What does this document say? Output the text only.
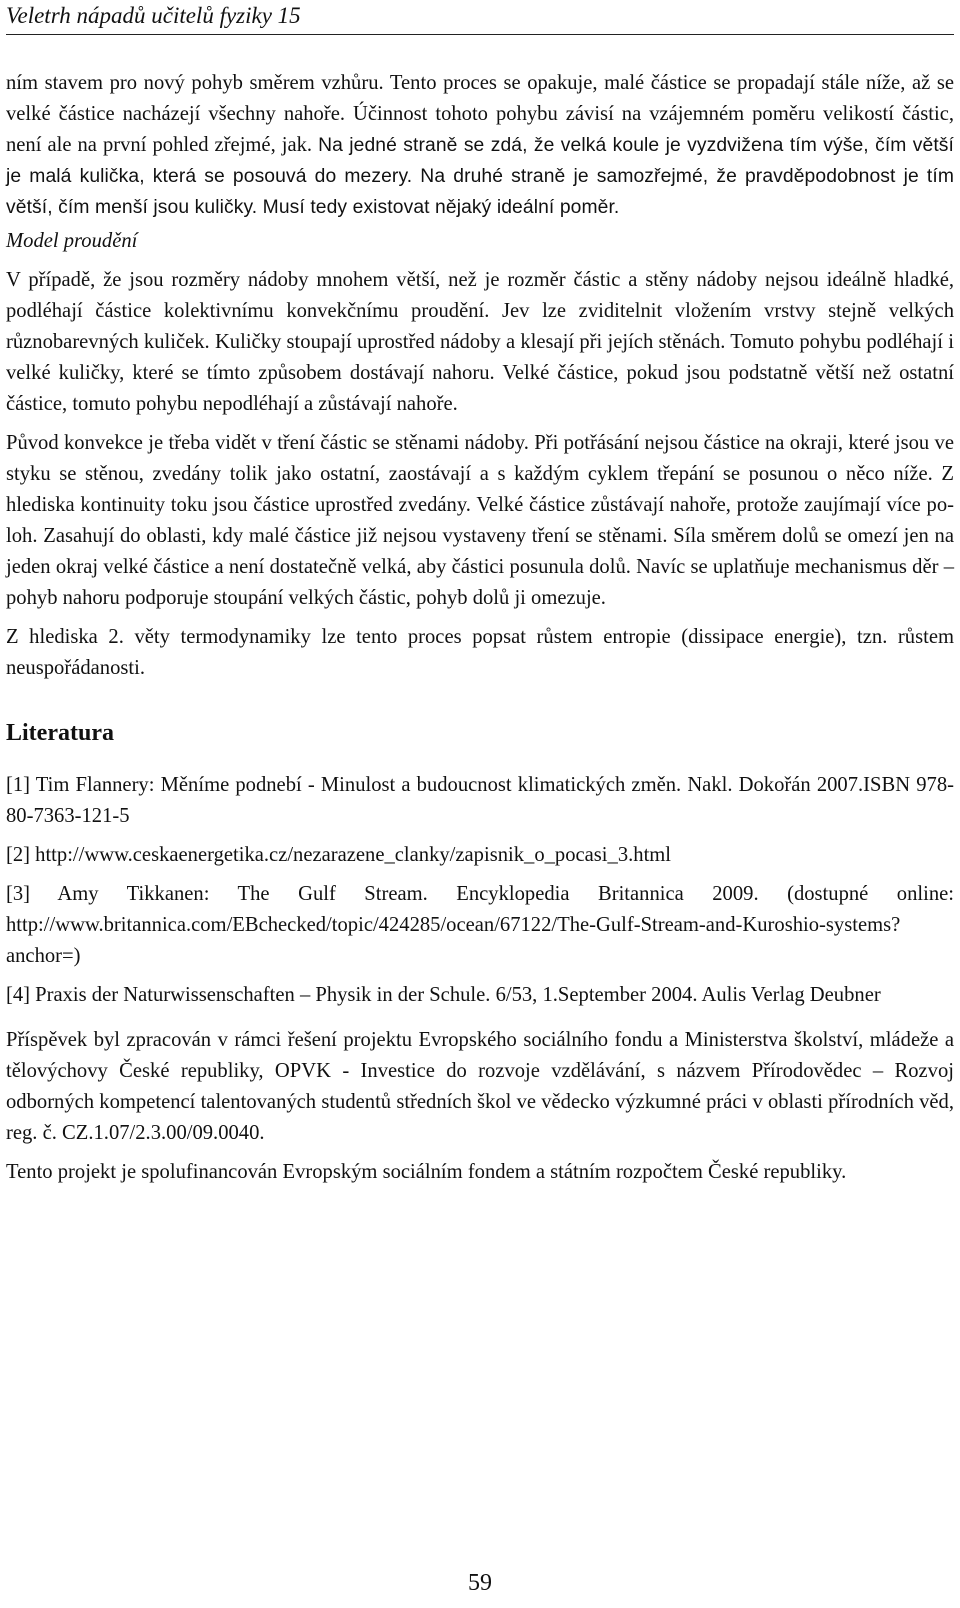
Veletrh nápadů učitelů fyziky 15

ním stavem pro nový pohyb směrem vzhůru. Tento proces se opakuje, malé částice se propadají stále níže, až se velké částice nacházejí všechny nahoře. Účinnost tohoto pohybu závisí na vzájemném poměru velikostí částic, není ale na první pohled zřejmé, jak. Na jedné straně se zdá, že velká koule je vyzdvižena tím výše, čím větší je malá kulička, která se posouvá do mezery. Na druhé straně je samozřejmé, že pravděpodobnost je tím větší, čím menší jsou kuličky. Musí tedy existovat nějaký ideální poměr.

Model proudění

V případě, že jsou rozměry nádoby mnohem větší, než je rozměr částic a stěny nádoby nejsou ideálně hladké, podléhají částice kolektivnímu konvekčnímu proudění. Jev lze zviditelnit vložením vrstvy stejně velkých různobarevných kuliček. Kuličky stoupají uprostřed nádoby a klesají při jejích stěnách. Tomuto pohybu podléhají i velké kuličky, které se tímto způsobem dostávají nahoru. Velké částice, pokud jsou podstatně větší než ostatní částice, tomuto pohybu nepodléhají a zůstávají nahoře.

Původ konvekce je třeba vidět v tření částic se stěnami nádoby. Při potřásání nejsou částice na okraji, které jsou ve styku se stěnou, zvedány tolik jako ostatní, zaostávají a s každým cyklem třepání se posunou o něco níže. Z hlediska kontinuity toku jsou částice uprostřed zvedány. Velké částice zůstávají nahoře, protože zaujímají více poloh. Zasahují do oblasti, kdy malé částice již nejsou vystaveny tření se stěnami. Síla směrem dolů se omezí jen na jeden okraj velké částice a není dostatečně velká, aby částici posunula dolů. Navíc se uplatňuje mechanismus děr – pohyb nahoru podporuje stoupání velkých částic, pohyb dolů ji omezuje.

Z hlediska 2. věty termodynamiky lze tento proces popsat růstem entropie (dissipace energie), tzn. růstem neuspořádanosti.

Literatura

[1] Tim Flannery: Měníme podnebí - Minulost a budoucnost klimatických změn. Nakl. Dokořán 2007.ISBN 978-80-7363-121-5

[2] http://www.ceskaenergetika.cz/nezarazene_clanky/zapisnik_o_pocasi_3.html

[3] Amy Tikkanen: The Gulf Stream. Encyklopedia Britannica 2009. (dostupné online: http://www.britannica.com/EBchecked/topic/424285/ocean/67122/The-Gulf-Stream-and-Kuroshio-systems?anchor=)

[4] Praxis der Naturwissenschaften – Physik in der Schule. 6/53, 1.September 2004. Aulis Verlag Deubner

Příspěvek byl zpracován v rámci řešení projektu Evropského sociálního fondu a Ministerstva školství, mládeže a tělovýchovy České republiky, OPVK - Investice do rozvoje vzdělávání, s názvem Přírodovědec – Rozvoj odborných kompetencí talentovaných studentů středních škol ve vědecko výzkumné práci v oblasti přírodních věd, reg. č. CZ.1.07/2.3.00/09.0040.

Tento projekt je spolufinancován Evropským sociálním fondem a státním rozpočtem České republiky.

59
